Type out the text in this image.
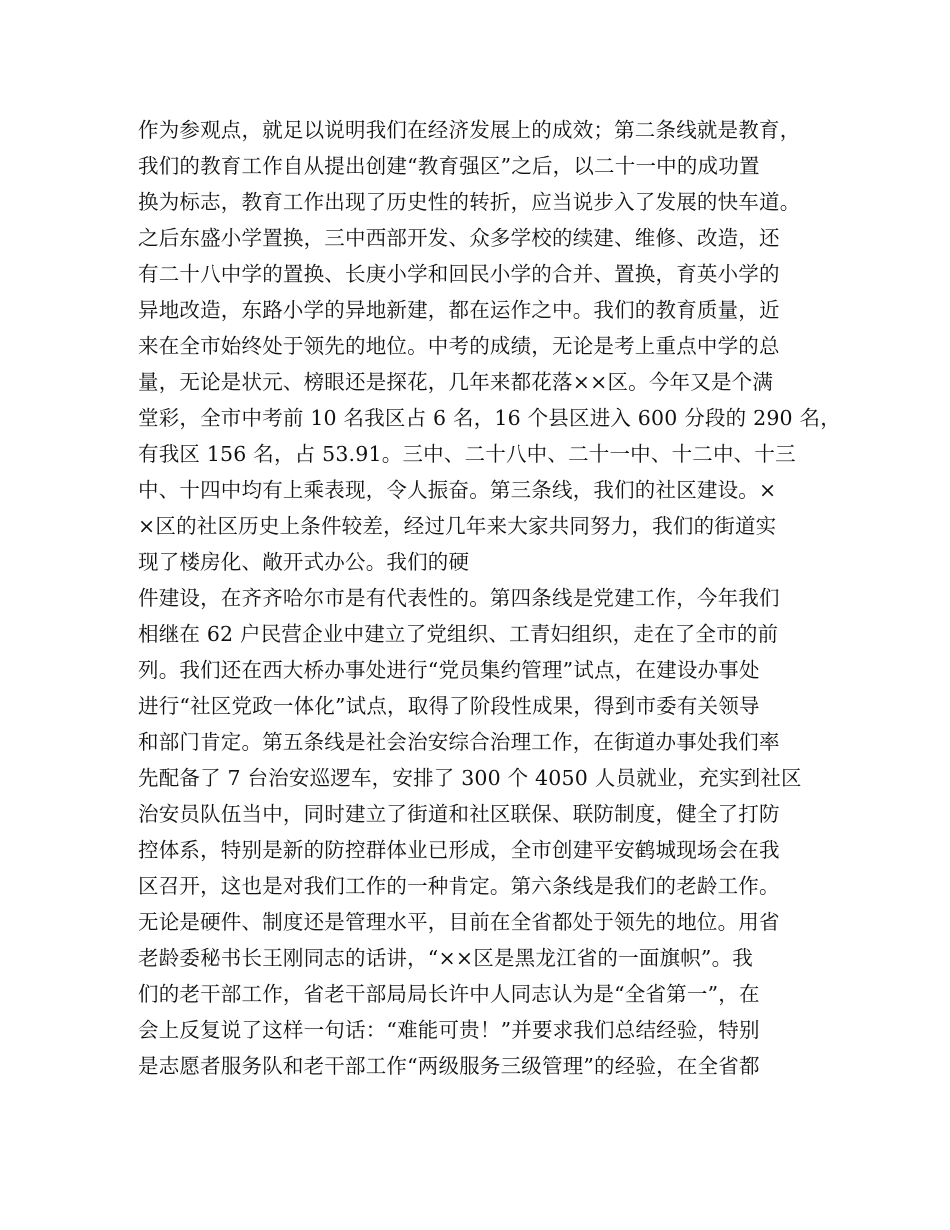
作为参观点，就足以说明我们在经济发展上的成效；第二条线就是教育，
我们的教育工作自从提出创建“教育强区”之后，以二十一中的成功置
换为标志，教育工作出现了历史性的转折，应当说步入了发展的快车道。
之后东盛小学置换，三中西部开发、众多学校的续建、维修、改造，还
有二十八中学的置换、长庚小学和回民小学的合并、置换，育英小学的
异地改造，东路小学的异地新建，都在运作之中。我们的教育质量，近
来在全市始终处于领先的地位。中考的成绩，无论是考上重点中学的总
量，无论是状元、榜眼还是探花，几年来都花落××区。今年又是个满
堂彩，全市中考前 10 名我区占 6 名，16 个县区进入 600 分段的 290 名，
有我区 156 名，占 53.91。三中、二十八中、二十一中、十二中、十三
中、十四中均有上乘表现，令人振奋。第三条线，我们的社区建设。×
×区的社区历史上条件较差，经过几年来大家共同努力，我们的街道实
现了楼房化、敞开式办公。我们的硬
件建设，在齐齐哈尔市是有代表性的。第四条线是党建工作，今年我们
相继在 62 户民营企业中建立了党组织、工青妇组织，走在了全市的前
列。我们还在西大桥办事处进行“党员集约管理”试点，在建设办事处
进行“社区党政一体化”试点，取得了阶段性成果，得到市委有关领导
和部门肯定。第五条线是社会治安综合治理工作，在街道办事处我们率
先配备了 7 台治安巡逻车，安排了 300 个 4050 人员就业，充实到社区
治安员队伍当中，同时建立了街道和社区联保、联防制度，健全了打防
控体系，特别是新的防控群体业已形成，全市创建平安鹤城现场会在我
区召开，这也是对我们工作的一种肯定。第六条线是我们的老龄工作。
无论是硬件、制度还是管理水平，目前在全省都处于领先的地位。用省
老龄委秘书长王刚同志的话讲，“××区是黑龙江省的一面旗帜”。我
们的老干部工作，省老干部局局长许中人同志认为是“全省第一”，在
会上反复说了这样一句话：“难能可贵！”并要求我们总结经验，特别
是志愿者服务队和老干部工作“两级服务三级管理”的经验，在全省都
